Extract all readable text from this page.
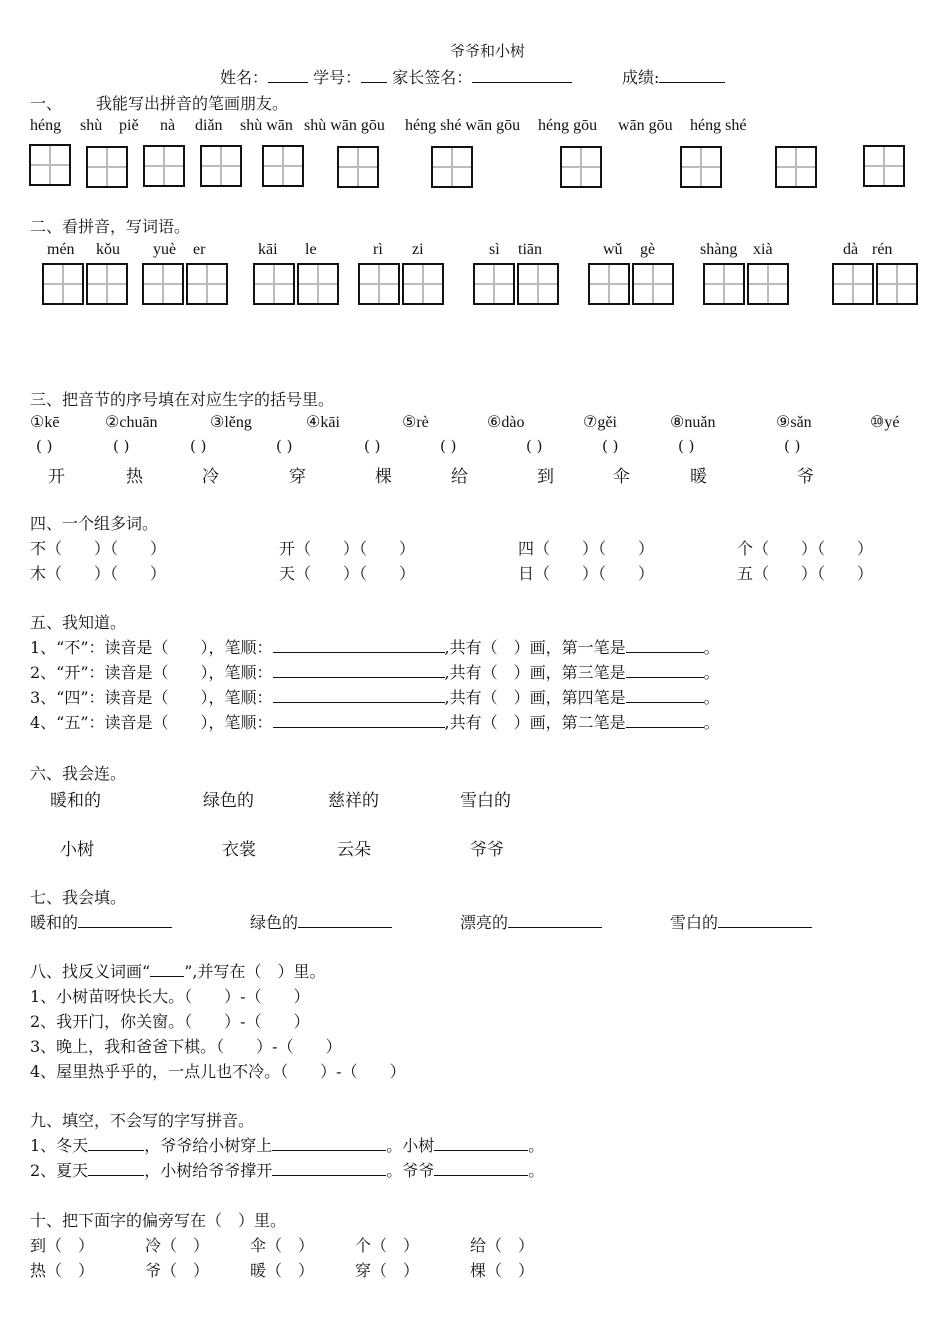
爷爷和小树
姓名：	学号： 家长签名：	成绩:
一、 我能写出拼音的笔画朋友。
héng shù piě nà diǎn shù wān shù wān gōu héng shé wān gōu héng gōu wān gōu héng shé
二、看拼音，写词语。
mén kǒu yuè er	kāi le	rì zi	sì tiān	wǔ gè	shàng xià	dà rén
三、把音节的序号填在对应生字的括号里。
①kē	②chuān	③lěng	④kāi	⑤rè	⑥dào	⑦gěi	⑧nuǎn	⑨sǎn	⑩yé
( )	( )	( )	( )	( )	( )	( )	( )	( )	( )
开	热	冷	穿	棵	给	到	伞	暖	爷
四、一个组多词。
不（　　）（　　）	开（　　）（　　）	四（　　）（　　）	个（　　）（　　）
木（　　）（　　）	天（　　）（　　）	日（　　）（　　）	五（　　）（　　）
五、我知道。
1、“不”：读音是（　　），笔顺：	,共有（　）画，第一笔是	。
2、“开”：读音是（　　），笔顺：	,共有（　）画，第三笔是	。
3、“四”：读音是（　　），笔顺：	,共有（　）画，第四笔是	。
4、“五”：读音是（　　），笔顺：	,共有（　）画，第二笔是	。
六、我会连。
暖和的	绿色的	慈祥的	雪白的
小树	衣裳	云朵	爷爷
七、我会填。
暖和的	绿色的	漂亮的	雪白的
八、找反义词画“ ”,并写在（　）里。
1、小树苗呀快长大。（　　）-（　　）
2、我开门，你关窗。（　　）-（　　）
3、晚上，我和爸爸下棋。（　　）-（　　）
4、屋里热乎乎的，一点儿也不冷。（　　）-（　　）
九、填空，不会写的字写拼音。
1、冬天	，爷爷给小树穿上	。小树	。
2、夏天	，小树给爷爷撑开	。爷爷	。
十、把下面字的偏旁写在（　）里。
到（　）	冷（　）	伞（　）	个（　）	给（　）
热（　）	爷（　）	暖（　）	穿（　）	棵（　）
